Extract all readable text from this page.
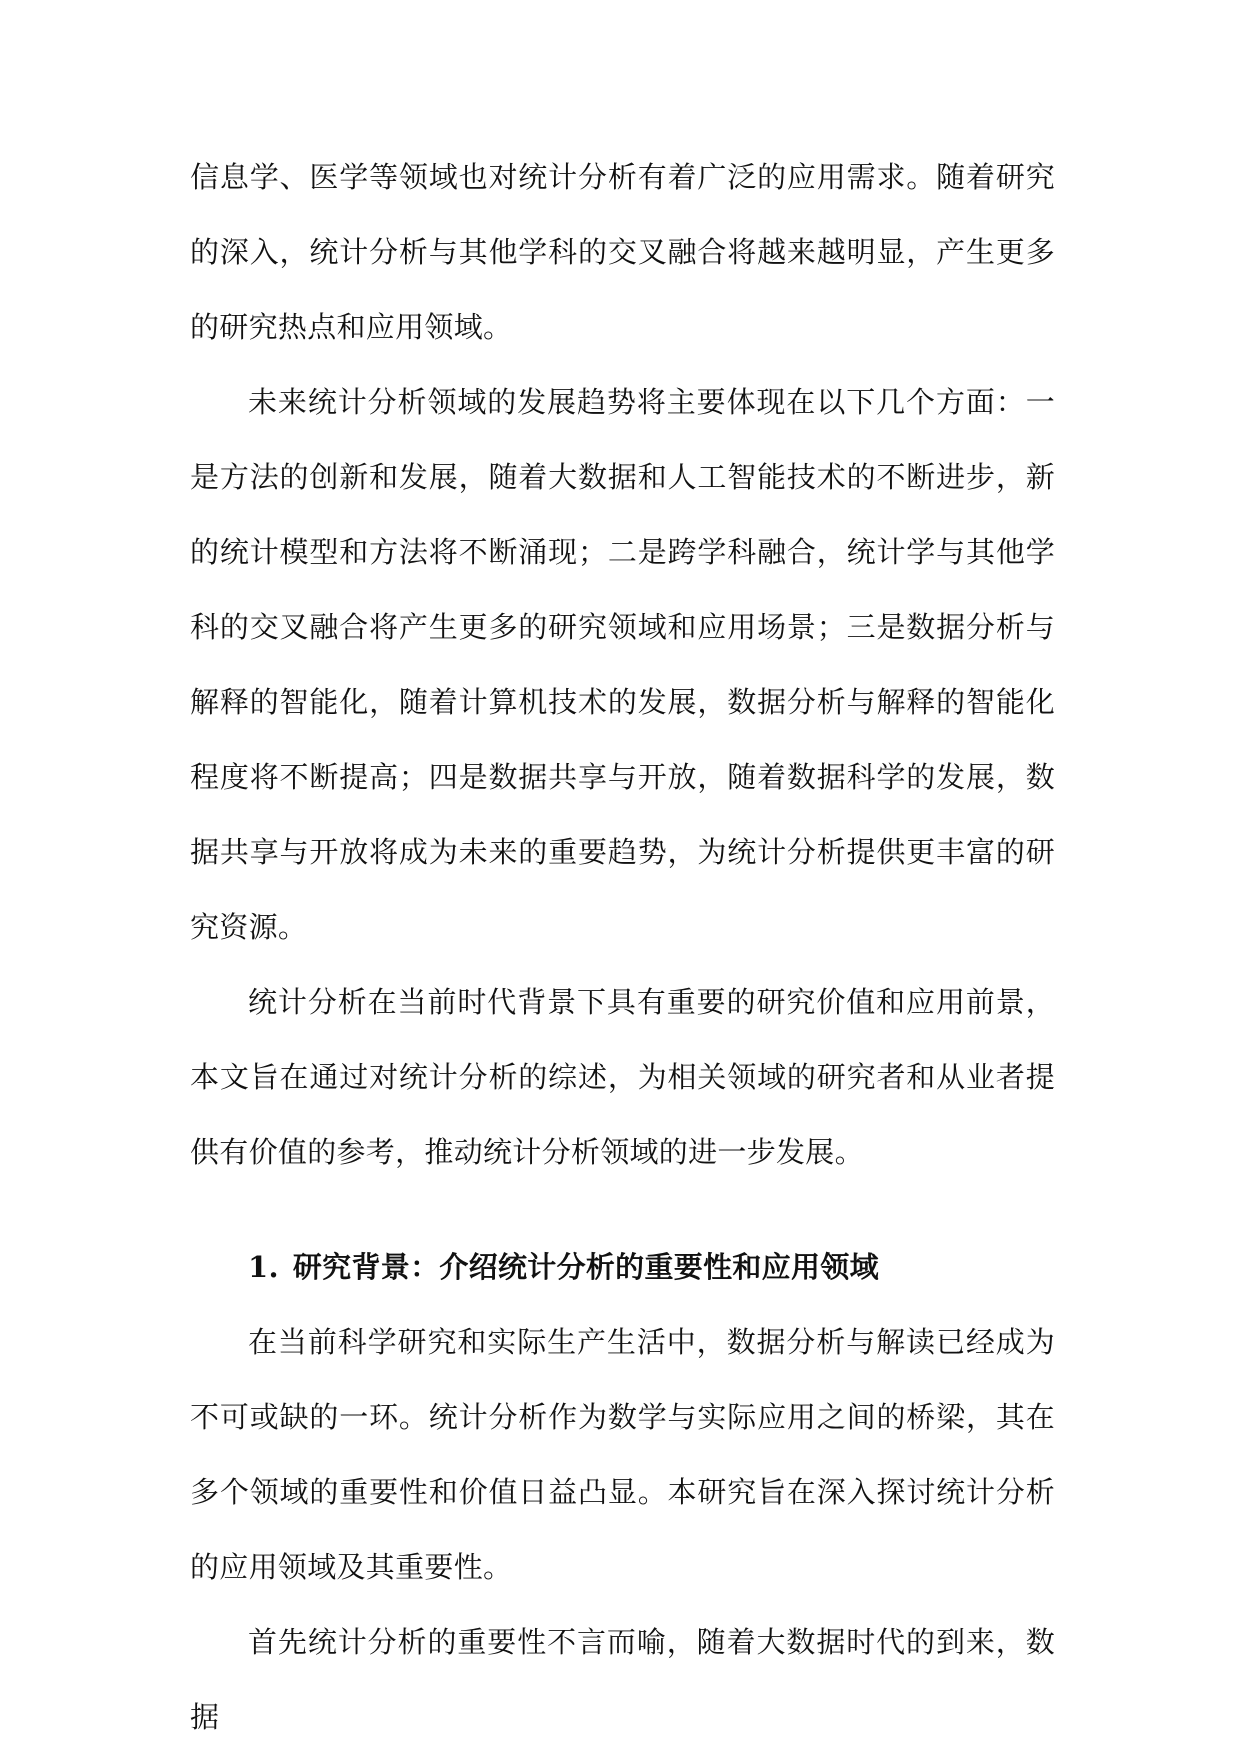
信息学、医学等领域也对统计分析有着广泛的应用需求。随着研究的深入，统计分析与其他学科的交叉融合将越来越明显，产生更多的研究热点和应用领域。

未来统计分析领域的发展趋势将主要体现在以下几个方面：一是方法的创新和发展，随着大数据和人工智能技术的不断进步，新的统计模型和方法将不断涌现；二是跨学科融合，统计学与其他学科的交叉融合将产生更多的研究领域和应用场景；三是数据分析与解释的智能化，随着计算机技术的发展，数据分析与解释的智能化程度将不断提高；四是数据共享与开放，随着数据科学的发展，数据共享与开放将成为未来的重要趋势，为统计分析提供更丰富的研究资源。

统计分析在当前时代背景下具有重要的研究价值和应用前景，本文旨在通过对统计分析的综述，为相关领域的研究者和从业者提供有价值的参考，推动统计分析领域的进一步发展。

1. 研究背景：介绍统计分析的重要性和应用领域

在当前科学研究和实际生产生活中，数据分析与解读已经成为不可或缺的一环。统计分析作为数学与实际应用之间的桥梁，其在多个领域的重要性和价值日益凸显。本研究旨在深入探讨统计分析的应用领域及其重要性。

首先统计分析的重要性不言而喻，随着大数据时代的到来，数据
